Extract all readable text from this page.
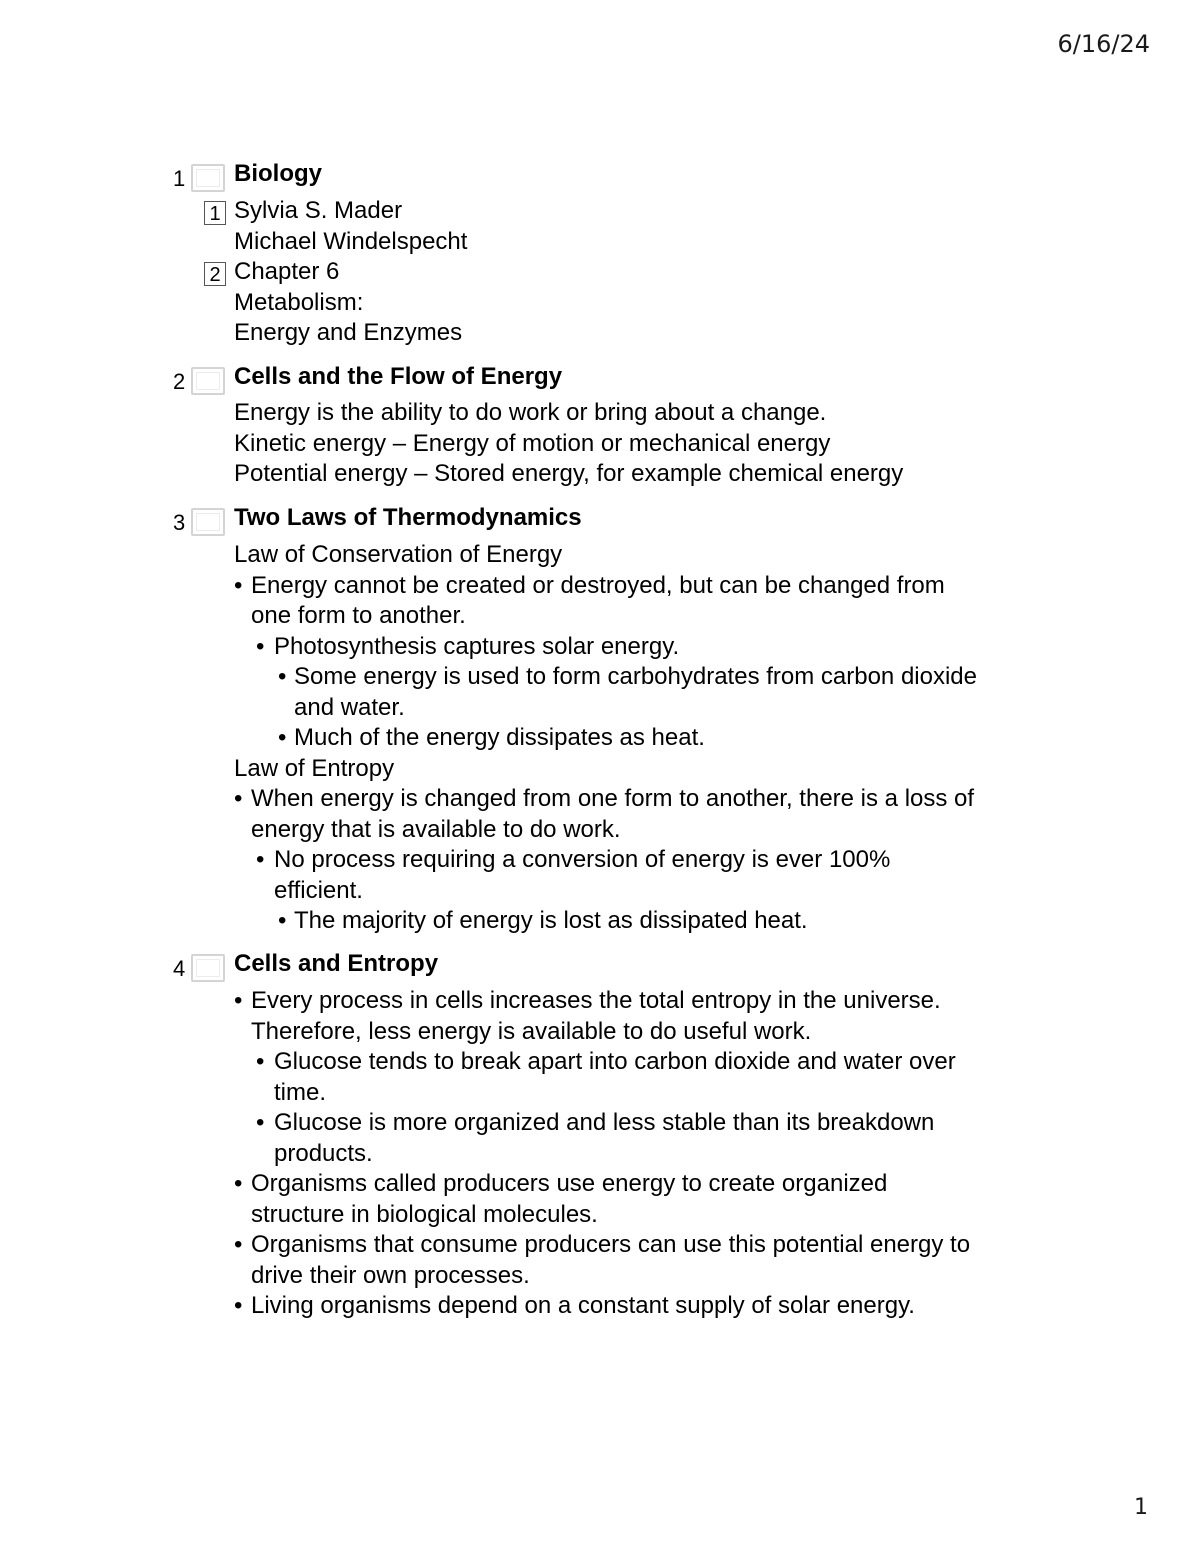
6/16/24
1 Biology
1 Sylvia S. Mader
Michael Windelspecht
2 Chapter 6
Metabolism:
Energy and Enzymes
2 Cells and the Flow of Energy
Energy is the ability to do work or bring about a change.
Kinetic energy – Energy of motion or mechanical energy
Potential energy – Stored energy, for example chemical energy
3 Two Laws of Thermodynamics
Law of Conservation of Energy
• Energy cannot be created or destroyed, but can be changed from
one form to another.
• Photosynthesis captures solar energy.
• Some energy is used to form carbohydrates from carbon dioxide
and water.
• Much of the energy dissipates as heat.
Law of Entropy
• When energy is changed from one form to another, there is a loss of
energy that is available to do work.
• No process requiring a conversion of energy is ever 100%
efficient.
• The majority of energy is lost as dissipated heat.
4 Cells and Entropy
• Every process in cells increases the total entropy in the universe.
Therefore, less energy is available to do useful work.
• Glucose tends to break apart into carbon dioxide and water over
time.
• Glucose is more organized and less stable than its breakdown
products.
• Organisms called producers use energy to create organized
structure in biological molecules.
• Organisms that consume producers can use this potential energy to
drive their own processes.
• Living organisms depend on a constant supply of solar energy.
1
